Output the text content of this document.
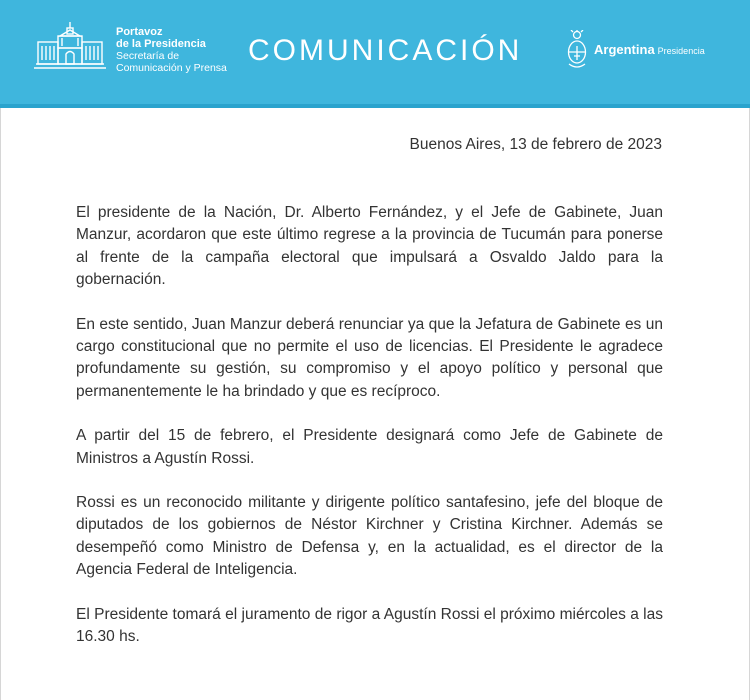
Portavoz
de la Presidencia
Secretaría de
Comunicación y Prensa
COMUNICACIÓN	Argentina Presidencia
Buenos Aires, 13 de febrero de 2023

El presidente de la Nación, Dr. Alberto Fernández, y el Jefe de Gabinete, Juan Manzur, acordaron que este último regrese a la provincia de Tucumán para ponerse al frente de la campaña electoral que impulsará a Osvaldo Jaldo para la gobernación.

En este sentido, Juan Manzur deberá renunciar ya que la Jefatura de Gabinete es un cargo constitucional que no permite el uso de licencias. El Presidente le agradece profundamente su gestión, su compromiso y el apoyo político y personal que permanentemente le ha brindado y que es recíproco.

A partir del 15 de febrero, el Presidente designará como Jefe de Gabinete de Ministros a Agustín Rossi.

Rossi es un reconocido militante y dirigente político santafesino, jefe del bloque de diputados de los gobiernos de Néstor Kirchner y Cristina Kirchner. Además se desempeñó como Ministro de Defensa y, en la actualidad, es el director de la Agencia Federal de Inteligencia.

El Presidente tomará el juramento de rigor a Agustín Rossi el próximo miércoles a las 16.30 hs.
